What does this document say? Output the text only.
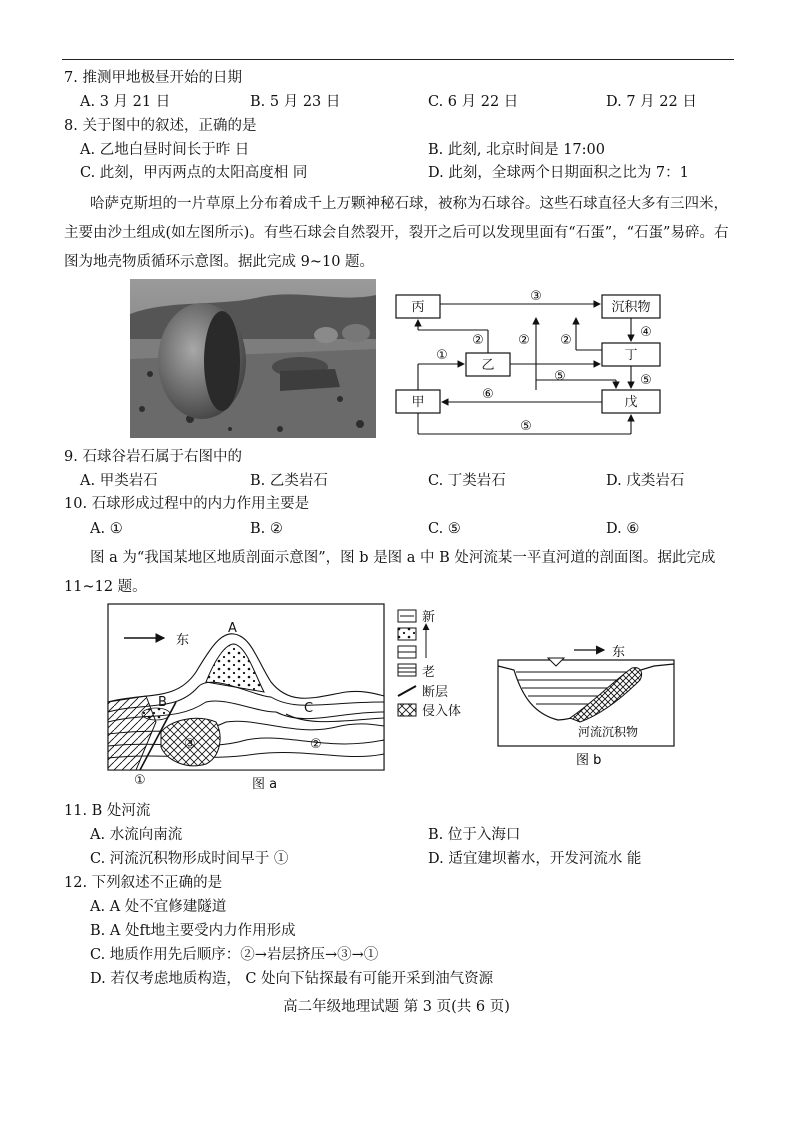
7. 推测甲地极昼开始的日期
A. 3 月 21 日	B. 5 月 23 日	C. 6 月 22 日	D. 7 月 22 日
8. 关于图中的叙述，正确的是
A. 乙地白昼时间长于昨 日	B. 此刻, 北京时间是 17:00
C. 此刻，甲丙两点的太阳高度相 同	D. 此刻，全球两个日期面积之比为 7：1
哈萨克斯坦的一片草原上分布着成千上万颗神秘石球，被称为石球谷。这些石球直径大多有三四米，主要由沙土组成(如左图所示)。有些石球会自然裂开，裂开之后可以发现里面有“石蛋”，“石蛋”易碎。右图为地壳物质循环示意图。据此完成 9~10 题。
丙	沉积物
乙
丁
甲	戊
③
④
①
②	② ②
⑤	⑤
⑥
⑤
9. 石球谷岩石属于右图中的
A. 甲类岩石	B. 乙类岩石	C. 丁类岩石	D. 戊类岩石
10. 石球形成过程中的内力作用主要是
A. ①	B. ②	C. ⑤	D. ⑥
图 a 为“我国某地区地质剖面示意图”，图 b 是图 a 中 B 处河流某一平直河道的剖面图。据此完成 11~12 题。
东
A
B	C
①
②
③
新
老
断层
侵入体
图 a
东
河流沉积物
图 b
11. B 处河流
A. 水流向南流	B. 位于入海口
C. 河流沉积物形成时间早于 ①	D. 适宜建坝蓄水，开发河流水 能
12. 下列叙述不正确的是
A. A 处不宜修建隧道
B. A 处ft地主要受内力作用形成
C. 地质作用先后顺序：②→岩层挤压→③→①
D. 若仅考虑地质构造， C 处向下钻探最有可能开采到油气资源
高二年级地理试题 第 3 页(共 6 页)
